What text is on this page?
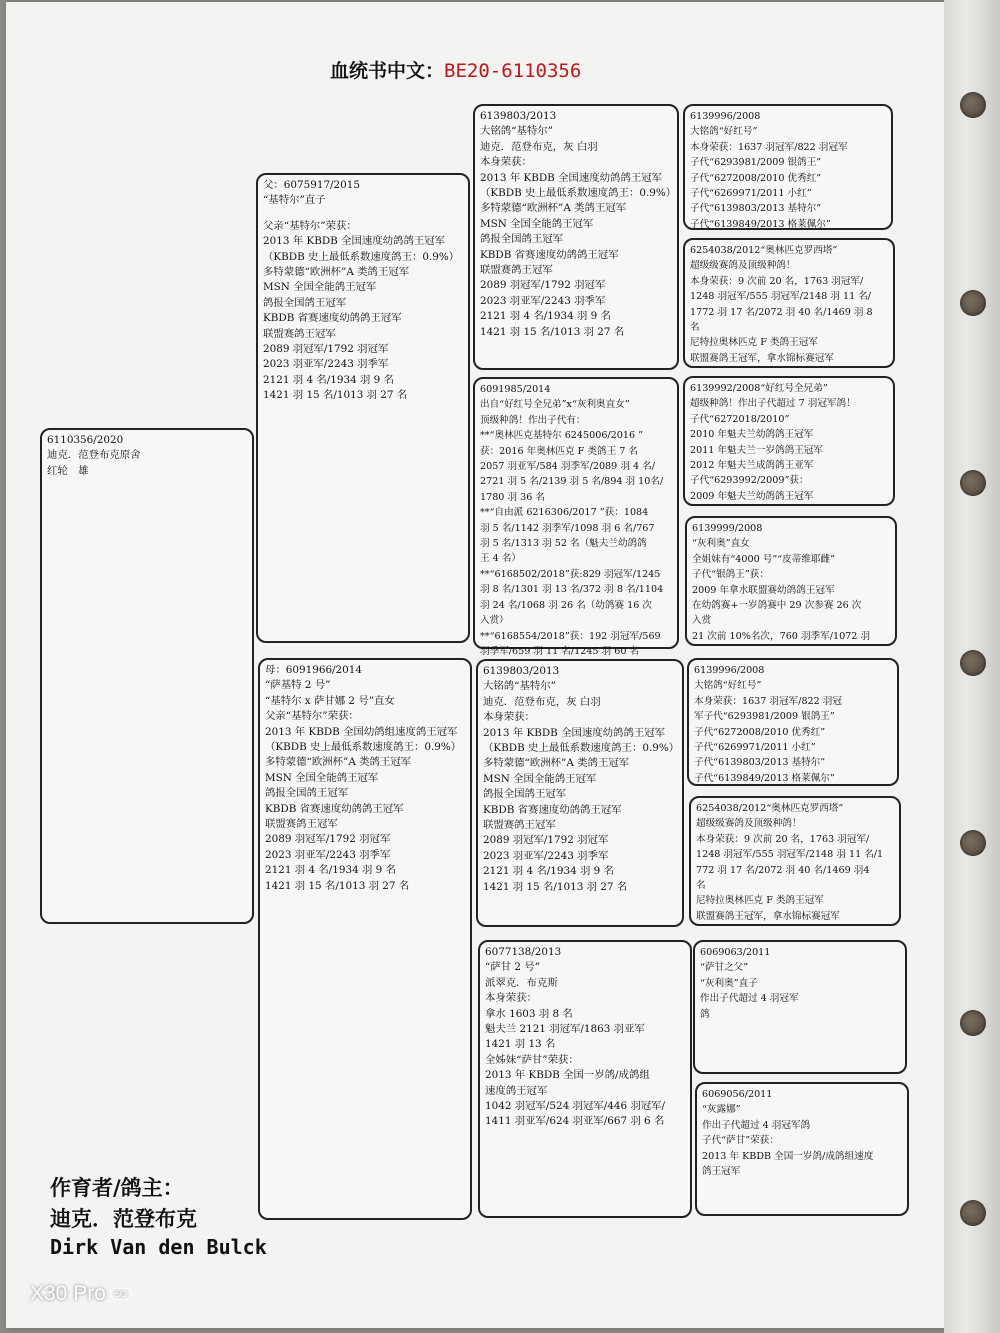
血统书中文：BE20-6110356
6110356/2020
迪克．范登布克原舍
红轮　雄
父：6075917/2015
“基特尔”直子
父亲“基特尔”荣获：
2013 年 KBDB 全国速度幼鸽鸽王冠军
（KBDB 史上最低系数速度鸽王：0.9%）
多特蒙德“欧洲杯”A 类鸽王冠军
MSN 全国全能鸽王冠军
鸽报全国鸽王冠军
KBDB 省赛速度幼鸽鸽王冠军
联盟赛鸽王冠军
2089 羽冠军/1792 羽冠军
2023 羽亚军/2243 羽季军
2121 羽 4 名/1934 羽 9 名
1421 羽 15 名/1013 羽 27 名
母：6091966/2014
“萨基特 2 号”
“基特尔 x 萨甘娜 2 号”直女
父亲“基特尔”荣获：
2013 年 KBDB 全国幼鸽组速度鸽王冠军
（KBDB 史上最低系数速度鸽王：0.9%）
多特蒙德“欧洲杯”A 类鸽王冠军
MSN 全国全能鸽王冠军
鸽报全国鸽王冠军
KBDB 省赛速度幼鸽鸽王冠军
联盟赛鸽王冠军
2089 羽冠军/1792 羽冠军
2023 羽亚军/2243 羽季军
2121 羽 4 名/1934 羽 9 名
1421 羽 15 名/1013 羽 27 名
6139803/2013
大铭鸽“基特尔”
迪克．范登布克，灰 白羽
本身荣获：
2013 年 KBDB 全国速度幼鸽鸽王冠军
（KBDB 史上最低系数速度鸽王：0.9%）
多特蒙德“欧洲杯”A 类鸽王冠军
MSN 全国全能鸽王冠军
鸽报全国鸽王冠军
KBDB 省赛速度幼鸽鸽王冠军
联盟赛鸽王冠军
2089 羽冠军/1792 羽冠军
2023 羽亚军/2243 羽季军
2121 羽 4 名/1934 羽 9 名
1421 羽 15 名/1013 羽 27 名
6091985/2014
出自“好红号全兄弟”x“灰利奥直女”
顶级种鸽！作出子代有：
**“奥林匹克基特尔 6245006/2016 ”
获：2016 年奥林匹克 F 类鸽王 7 名
2057 羽亚军/584 羽季军/2089 羽 4 名/
2721 羽 5 名/2139 羽 5 名/894 羽 10名/
1780 羽 36 名
**“自由派 6216306/2017 ”获：1084
羽 5 名/1142 羽季军/1098 羽 6 名/767
羽 5 名/1313 羽 52 名（魁夫兰幼鸽鸽
王 4 名）
**“6168502/2018”获:829 羽冠军/1245
羽 8 名/1301 羽 13 名/372 羽 8 名/1104
羽 24 名/1068 羽 26 名（幼鸽赛 16 次
入赏）
**“6168554/2018”获：192 羽冠军/569
羽季军/659 羽 11 名/1245 羽 60 名
6139803/2013
大铭鸽“基特尔”
迪克．范登布克，灰 白羽
本身荣获：
2013 年 KBDB 全国速度幼鸽鸽王冠军
（KBDB 史上最低系数速度鸽王：0.9%）
多特蒙德“欧洲杯”A 类鸽王冠军
MSN 全国全能鸽王冠军
鸽报全国鸽王冠军
KBDB 省赛速度幼鸽鸽王冠军
联盟赛鸽王冠军
2089 羽冠军/1792 羽冠军
2023 羽亚军/2243 羽季军
2121 羽 4 名/1934 羽 9 名
1421 羽 15 名/1013 羽 27 名
6077138/2013
“萨甘 2 号”
派翠克．布克斯
本身荣获：
拿水 1603 羽 8 名
魁夫兰 2121 羽冠军/1863 羽亚军
1421 羽 13 名
全姊妹“萨甘”荣获：
2013 年 KBDB 全国一岁鸽/成鸽组
速度鸽王冠军
1042 羽冠军/524 羽冠军/446 羽冠军/
1411 羽亚军/624 羽亚军/667 羽 6 名
6139996/2008
大铭鸽“好红号”
本身荣获：1637 羽冠军/822 羽冠军
子代“6293981/2009 银鸽王”
子代“6272008/2010 优秀红”
子代“6269971/2011 小红”
子代“6139803/2013 基特尔”
子代“6139849/2013 格莱佩尔”
6254038/2012“奥林匹克罗西塔”
超级级赛鸽及顶级种鸽！
本身荣获：9 次前 20 名，1763 羽冠军/
1248 羽冠军/555 羽冠军/2148 羽 11 名/
1772 羽 17 名/2072 羽 40 名/1469 羽 8
名
尼特拉奥林匹克 F 类鸽王冠军
联盟赛鸽王冠军，拿水锦标赛冠军
6139992/2008“好红号全兄弟”
超级种鸽！作出子代超过 7 羽冠军鸽！
子代“6272018/2010”
2010 年魁夫兰幼鸽鸽王冠军
2011 年魁夫兰一岁鸽鸽王冠军
2012 年魁夫兰成鸽鸽王亚军
子代“6293992/2009”获：
2009 年魁夫兰幼鸽鸽王冠军
6139999/2008
“灰利奥”直女
全姐妹有“4000 号”“皮蒂维耶雌”
子代“银鸽王”获：
2009 年拿水联盟赛幼鸽鸽王冠军
在幼鸽赛+一岁鸽赛中 29 次参赛 26 次
入赏
21 次前 10%名次，760 羽季军/1072 羽
6139996/2008
大铭鸽“好红号”
本身荣获：1637 羽冠军/822 羽冠
军子代“6293981/2009 银鸽王”
子代“6272008/2010 优秀红”
子代“6269971/2011 小红”
子代“6139803/2013 基特尔”
子代“6139849/2013 格莱佩尔”
6254038/2012“奥林匹克罗西塔”
超级级赛鸽及顶级种鸽！
本身荣获：9 次前 20 名，1763 羽冠军/
1248 羽冠军/555 羽冠军/2148 羽 11 名/1
772 羽 17 名/2072 羽 40 名/1469 羽4
名
尼特拉奥林匹克 F 类鸽王冠军
联盟赛鸽王冠军，拿水锦标赛冠军
6069063/2011
“萨甘之父”
“灰利奥”直子
作出子代超过 4 羽冠军
鸽
6069056/2011
“灰露娜”
作出子代超过 4 羽冠军鸽
子代“萨甘”荣获：
2013 年 KBDB 全国一岁鸽/成鸽组速度
鸽王冠军
作育者/鸽主：
迪克．范登布克
Dirk Van den Bulck
X30 Pro 5G
